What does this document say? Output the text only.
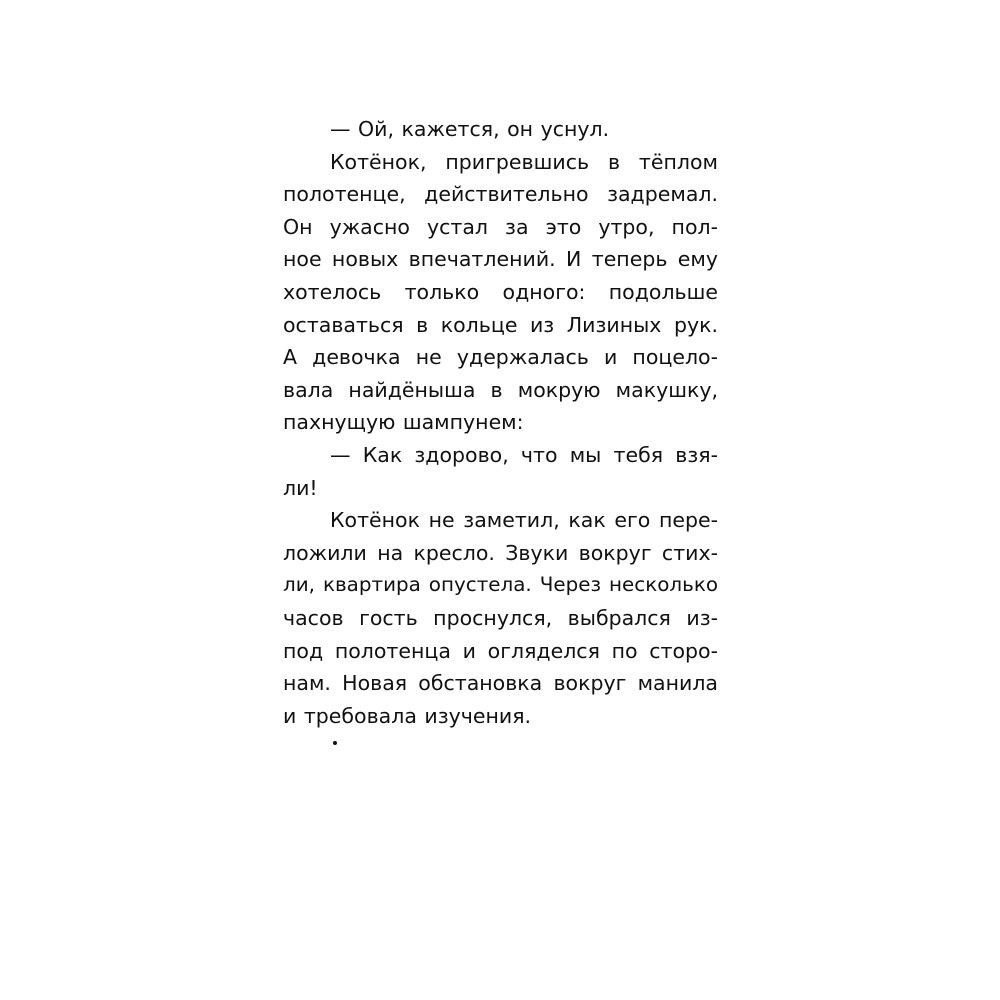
— Ой, кажется, он уснул.
Котёнок, пригревшись в тёплом
полотенце, действительно задремал.
Он ужасно устал за это утро, пол-
ное новых впечатлений. И теперь ему
хотелось только одного: подольше
оставаться в кольце из Лизиных рук.
А девочка не удержалась и поцело-
вала найдёныша в мокрую макушку,
пахнущую шампунем:
— Как здорово, что мы тебя взя-
ли!
Котёнок не заметил, как его пере-
ложили на кресло. Звуки вокруг стих-
ли, квартира опустела. Через несколько
часов гость проснулся, выбрался из-
под полотенца и огляделся по сторо-
нам. Новая обстановка вокруг манила
и требовала изучения.
